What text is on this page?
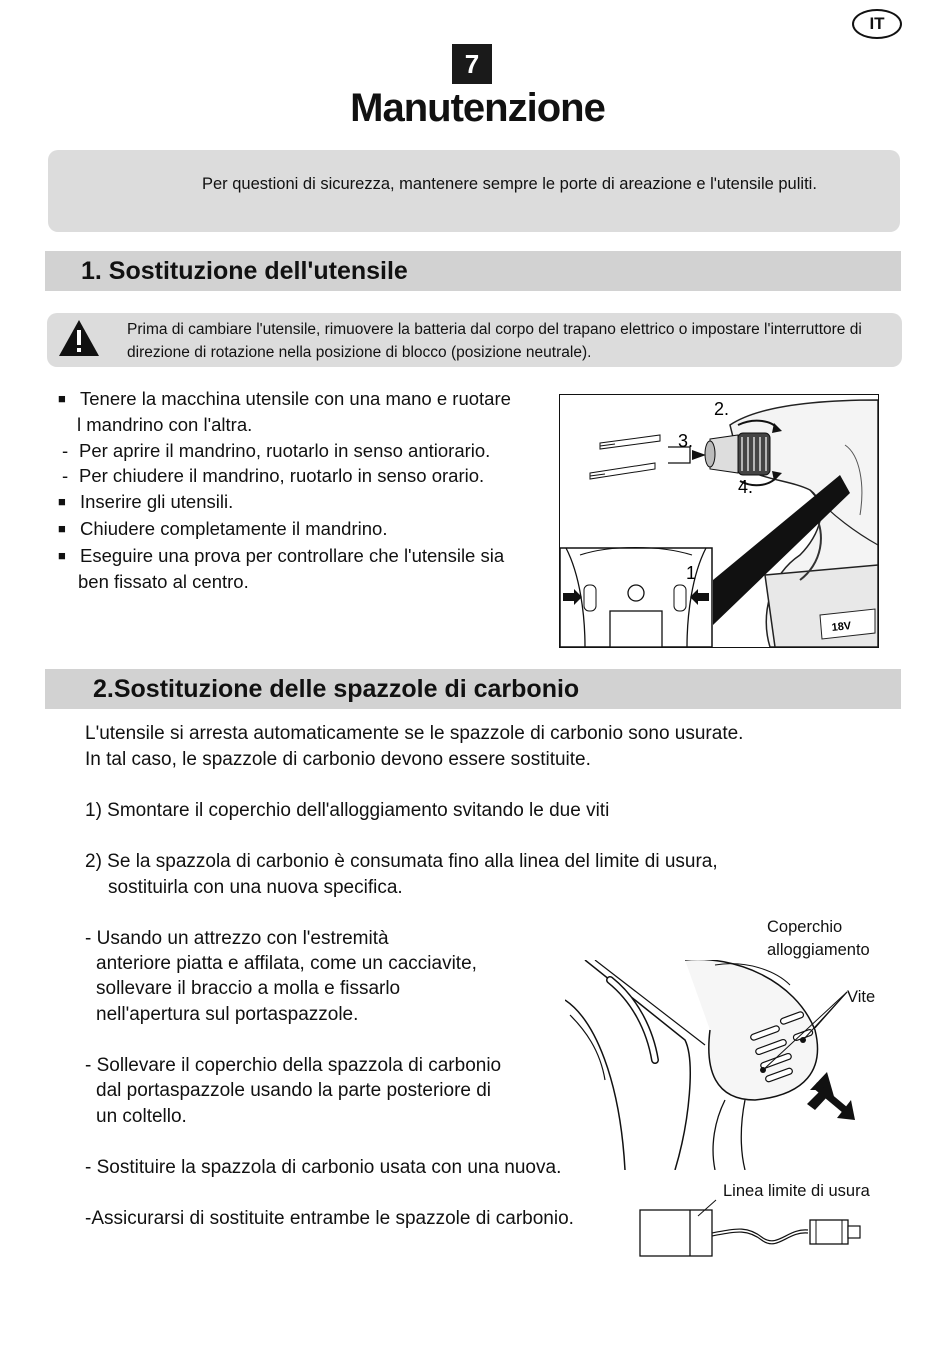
IT
7
Manutenzione
Per questioni di sicurezza, mantenere sempre le porte di areazione e l'utensile puliti.
1. Sostituzione dell'utensile
Prima di cambiare l'utensile, rimuovere la batteria dal corpo del trapano elettrico o impostare l'interruttore di direzione di rotazione nella posizione di blocco (posizione neutrale).
■ Tenere la macchina utensile con una mano e ruotare
l mandrino con l'altra.
- Per aprire il mandrino, ruotarlo in senso antiorario.
- Per chiudere il mandrino, ruotarlo in senso orario.
■ Inserire gli utensili.
■ Chiudere completamente il mandrino.
■ Eseguire una prova per controllare che l'utensile sia
ben fissato al centro.
18V
2.
3.
4.
1
2.Sostituzione delle spazzole di carbonio
L'utensile si arresta automaticamente se le spazzole di carbonio sono usurate.
In tal caso, le spazzole di carbonio devono essere sostituite.
1) Smontare il coperchio dell'alloggiamento svitando le due viti
2) Se la spazzola di carbonio è consumata fino alla linea del limite di usura,
sostituirla con una nuova specifica.
- Usando un attrezzo con l'estremità
anteriore piatta e affilata, come un cacciavite,
sollevare il braccio a molla e fissarlo
nell'apertura sul portaspazzole.
- Sollevare il coperchio della spazzola di carbonio
dal portaspazzole usando la parte posteriore di
un coltello.
- Sostituire la spazzola di carbonio usata con una nuova.
-Assicurarsi di sostituite entrambe le spazzole di carbonio.
Coperchio
alloggiamento
Vite
Linea limite di usura
